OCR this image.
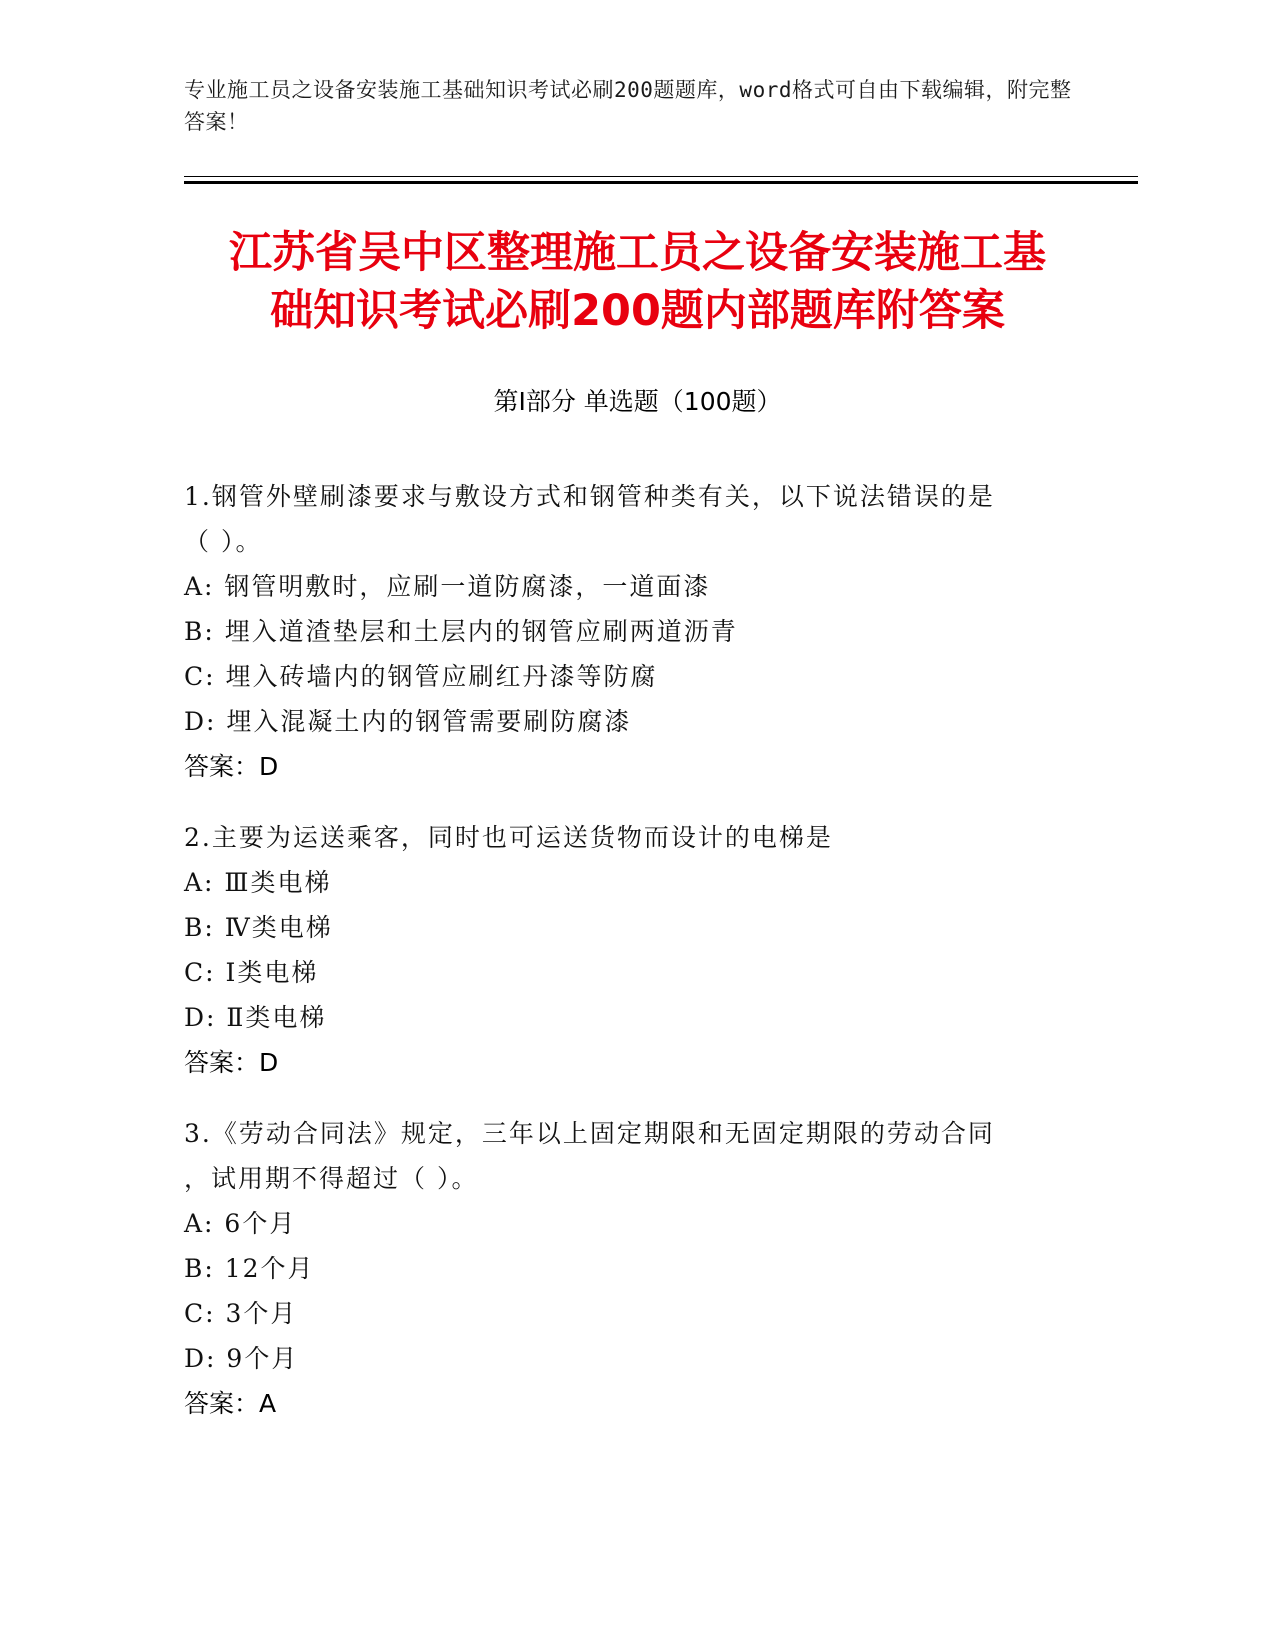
专业施工员之设备安装施工基础知识考试必刷200题题库，word格式可自由下载编辑，附完整答案！
江苏省吴中区整理施工员之设备安装施工基
础知识考试必刷200题内部题库附答案
第Ⅰ部分 单选题（100题）
1.钢管外壁刷漆要求与敷设方式和钢管种类有关，以下说法错误的是
（ ）。
A: 钢管明敷时，应刷一道防腐漆，一道面漆
B: 埋入道渣垫层和土层内的钢管应刷两道沥青
C: 埋入砖墙内的钢管应刷红丹漆等防腐
D: 埋入混凝土内的钢管需要刷防腐漆
答案：D
2.主要为运送乘客，同时也可运送货物而设计的电梯是
A: Ⅲ类电梯
B: Ⅳ类电梯
C: Ⅰ类电梯
D: Ⅱ类电梯
答案：D
3.《劳动合同法》规定，三年以上固定期限和无固定期限的劳动合同
，试用期不得超过（ ）。
A: 6个月
B: 12个月
C: 3个月
D: 9个月
答案：A
